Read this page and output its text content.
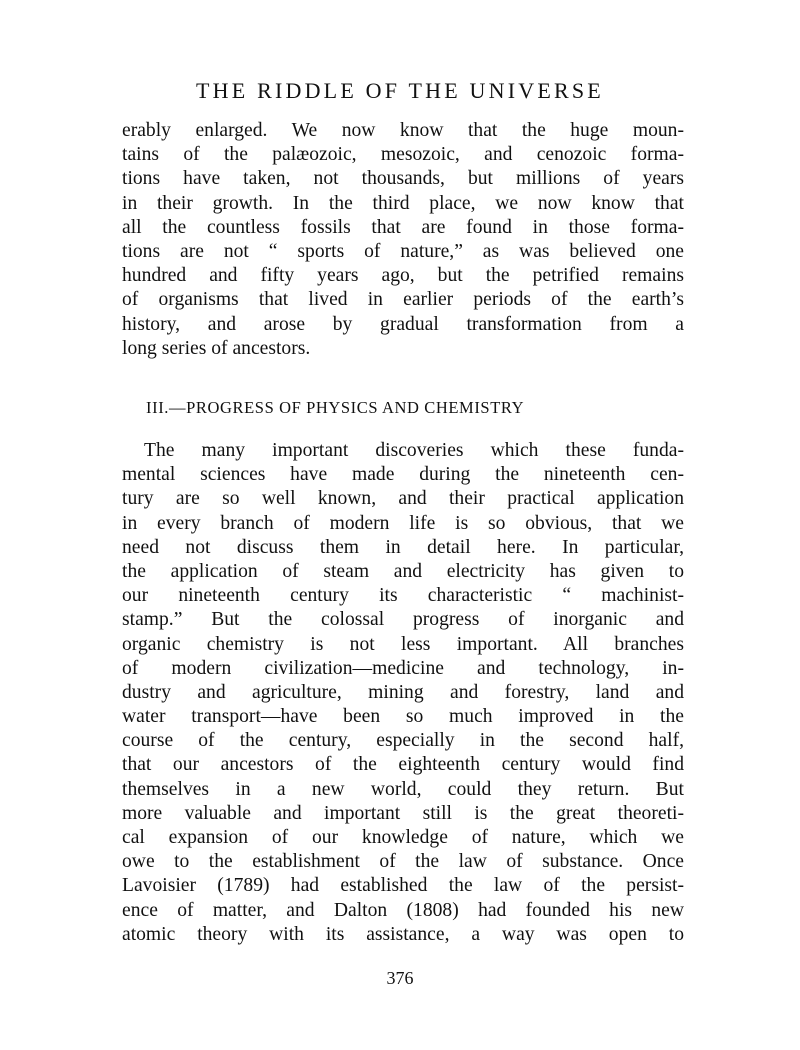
THE RIDDLE OF THE UNIVERSE
erably enlarged. We now know that the huge moun-
tains of the palæozoic, mesozoic, and cenozoic forma-
tions have taken, not thousands, but millions of years
in their growth. In the third place, we now know that
all the countless fossils that are found in those forma-
tions are not “ sports of nature,” as was believed one
hundred and fifty years ago, but the petrified remains
of organisms that lived in earlier periods of the earth’s
history, and arose by gradual transformation from a
long series of ancestors.
III.—PROGRESS OF PHYSICS AND CHEMISTRY
The many important discoveries which these funda-
mental sciences have made during the nineteenth cen-
tury are so well known, and their practical application
in every branch of modern life is so obvious, that we
need not discuss them in detail here. In particular,
the application of steam and electricity has given to
our nineteenth century its characteristic “ machinist-
stamp.” But the colossal progress of inorganic and
organic chemistry is not less important. All branches
of modern civilization—medicine and technology, in-
dustry and agriculture, mining and forestry, land and
water transport—have been so much improved in the
course of the century, especially in the second half,
that our ancestors of the eighteenth century would find
themselves in a new world, could they return. But
more valuable and important still is the great theoreti-
cal expansion of our knowledge of nature, which we
owe to the establishment of the law of substance. Once
Lavoisier (1789) had established the law of the persist-
ence of matter, and Dalton (1808) had founded his new
atomic theory with its assistance, a way was open to
376
